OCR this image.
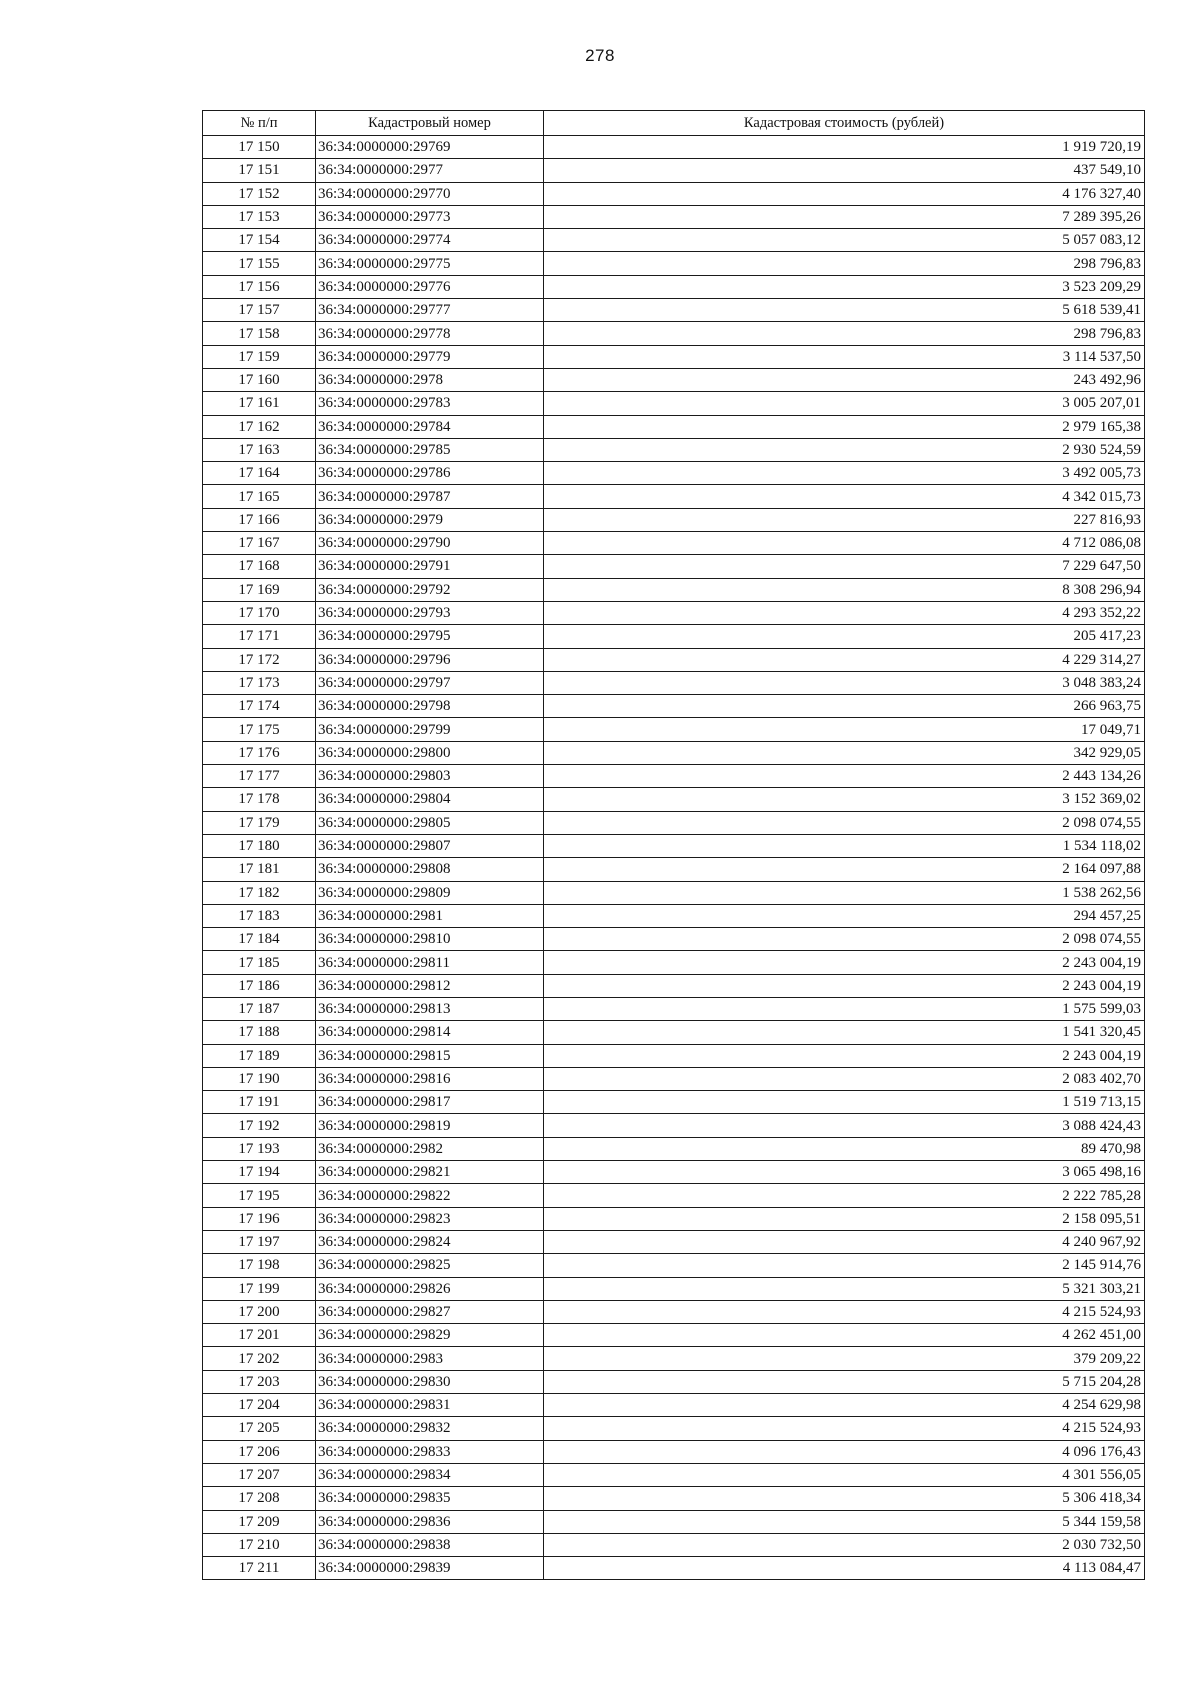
278
№ п/п	Кадастровый номер	Кадастровая стоимость (рублей)
17 150	36:34:0000000:29769	1 919 720,19
17 151	36:34:0000000:2977	437 549,10
17 152	36:34:0000000:29770	4 176 327,40
17 153	36:34:0000000:29773	7 289 395,26
17 154	36:34:0000000:29774	5 057 083,12
17 155	36:34:0000000:29775	298 796,83
17 156	36:34:0000000:29776	3 523 209,29
17 157	36:34:0000000:29777	5 618 539,41
17 158	36:34:0000000:29778	298 796,83
17 159	36:34:0000000:29779	3 114 537,50
17 160	36:34:0000000:2978	243 492,96
17 161	36:34:0000000:29783	3 005 207,01
17 162	36:34:0000000:29784	2 979 165,38
17 163	36:34:0000000:29785	2 930 524,59
17 164	36:34:0000000:29786	3 492 005,73
17 165	36:34:0000000:29787	4 342 015,73
17 166	36:34:0000000:2979	227 816,93
17 167	36:34:0000000:29790	4 712 086,08
17 168	36:34:0000000:29791	7 229 647,50
17 169	36:34:0000000:29792	8 308 296,94
17 170	36:34:0000000:29793	4 293 352,22
17 171	36:34:0000000:29795	205 417,23
17 172	36:34:0000000:29796	4 229 314,27
17 173	36:34:0000000:29797	3 048 383,24
17 174	36:34:0000000:29798	266 963,75
17 175	36:34:0000000:29799	17 049,71
17 176	36:34:0000000:29800	342 929,05
17 177	36:34:0000000:29803	2 443 134,26
17 178	36:34:0000000:29804	3 152 369,02
17 179	36:34:0000000:29805	2 098 074,55
17 180	36:34:0000000:29807	1 534 118,02
17 181	36:34:0000000:29808	2 164 097,88
17 182	36:34:0000000:29809	1 538 262,56
17 183	36:34:0000000:2981	294 457,25
17 184	36:34:0000000:29810	2 098 074,55
17 185	36:34:0000000:29811	2 243 004,19
17 186	36:34:0000000:29812	2 243 004,19
17 187	36:34:0000000:29813	1 575 599,03
17 188	36:34:0000000:29814	1 541 320,45
17 189	36:34:0000000:29815	2 243 004,19
17 190	36:34:0000000:29816	2 083 402,70
17 191	36:34:0000000:29817	1 519 713,15
17 192	36:34:0000000:29819	3 088 424,43
17 193	36:34:0000000:2982	89 470,98
17 194	36:34:0000000:29821	3 065 498,16
17 195	36:34:0000000:29822	2 222 785,28
17 196	36:34:0000000:29823	2 158 095,51
17 197	36:34:0000000:29824	4 240 967,92
17 198	36:34:0000000:29825	2 145 914,76
17 199	36:34:0000000:29826	5 321 303,21
17 200	36:34:0000000:29827	4 215 524,93
17 201	36:34:0000000:29829	4 262 451,00
17 202	36:34:0000000:2983	379 209,22
17 203	36:34:0000000:29830	5 715 204,28
17 204	36:34:0000000:29831	4 254 629,98
17 205	36:34:0000000:29832	4 215 524,93
17 206	36:34:0000000:29833	4 096 176,43
17 207	36:34:0000000:29834	4 301 556,05
17 208	36:34:0000000:29835	5 306 418,34
17 209	36:34:0000000:29836	5 344 159,58
17 210	36:34:0000000:29838	2 030 732,50
17 211	36:34:0000000:29839	4 113 084,47
